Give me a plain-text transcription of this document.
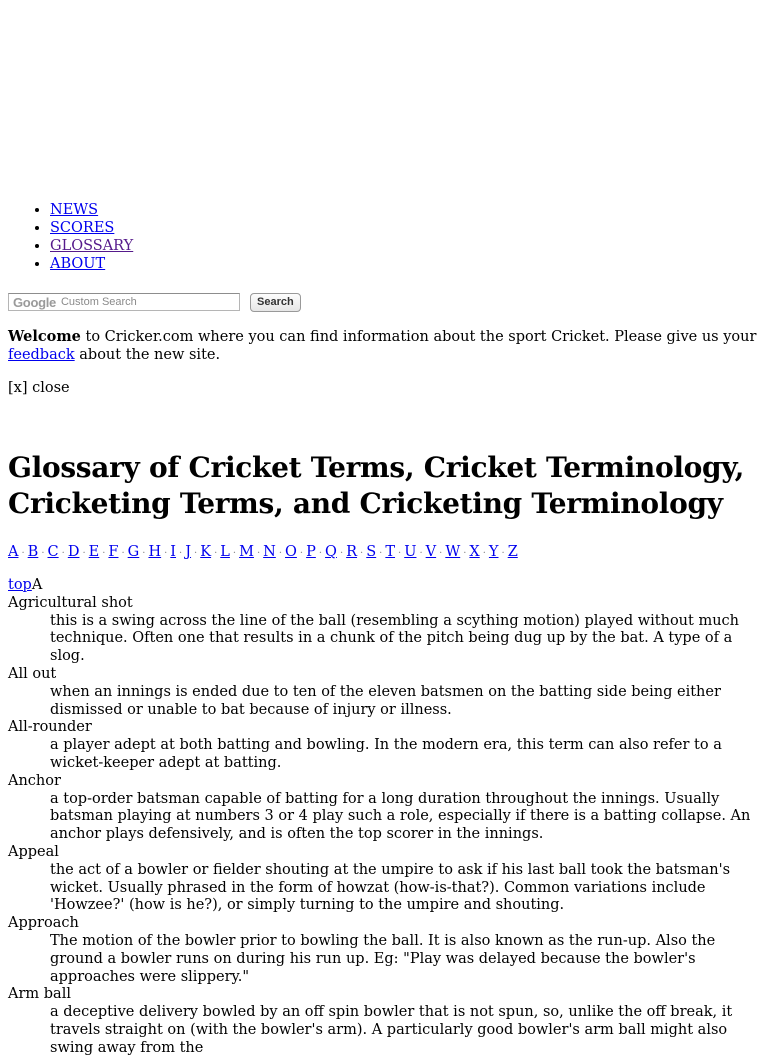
• NEWS
• SCORES
• GLOSSARY
• ABOUT
Google Custom Search	Search

Welcome to Cricker.com where you can find information about the sport Cricket. Please give us your feedback about the new site.

[x] close

Glossary of Cricket Terms, Cricket Terminology, Cricketing Terms, and Cricketing Terminology
A · B · C · D · E · F · G · H · I · J · K · L · M · N · O · P · Q · R · S · T · U · V · W · X · Y · Z
topA
Agricultural shot
this is a swing across the line of the ball (resembling a scything motion) played without much technique. Often one that results in a chunk of the pitch being dug up by the bat. A type of a slog.
All out
when an innings is ended due to ten of the eleven batsmen on the batting side being either dismissed or unable to bat because of injury or illness.
All-rounder
a player adept at both batting and bowling. In the modern era, this term can also refer to a wicket-keeper adept at batting.
Anchor
a top-order batsman capable of batting for a long duration throughout the innings. Usually batsman playing at numbers 3 or 4 play such a role, especially if there is a batting collapse. An anchor plays defensively, and is often the top scorer in the innings.
Appeal
the act of a bowler or fielder shouting at the umpire to ask if his last ball took the batsman's wicket. Usually phrased in the form of howzat (how-is-that?). Common variations include 'Howzee?' (how is he?), or simply turning to the umpire and shouting.
Approach
The motion of the bowler prior to bowling the ball. It is also known as the run-up. Also the ground a bowler runs on during his run up. Eg: "Play was delayed because the bowler's approaches were slippery."
Arm ball
a deceptive delivery bowled by an off spin bowler that is not spun, so, unlike the off break, it travels straight on (with the bowler's arm). A particularly good bowler's arm ball might also swing away from the
